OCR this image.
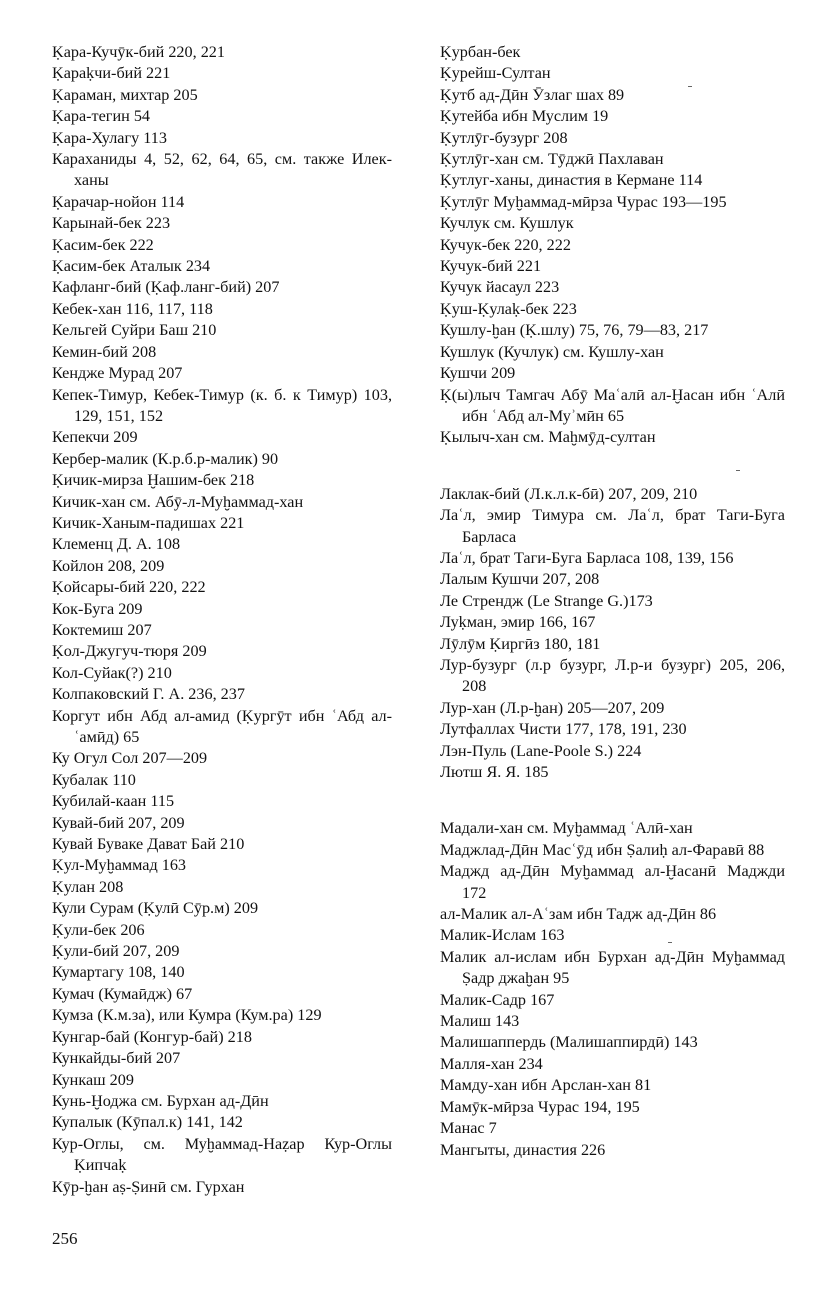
Ḳара-Кучӯк-бий 220, 221
Ḳараḳчи-бий 221
Ḳараман, михтар 205
Ḳара-тегин 54
Ḳара-Хулагу 113
Караханиды 4, 52, 62, 64, 65, см. также Илек-ханы
Ḳарачар-нойон 114
Карынай-бек 223
Ḳасим-бек 222
Ḳасим-бек Аталык 234
Кафланг-бий (Ḳаф.ланг-бий) 207
Кебек-хан 116, 117, 118
Кельгей Суйри Баш 210
Кемин-бий 208
Кендже Мурад 207
Кепек-Тимур, Кебек-Тимур (к. б. к Тимур) 103, 129, 151, 152
Кепекчи 209
Кербер-малик (К.р.б.р-малик) 90
Ḳичик-мирза Ḫашим-бек 218
Кичик-хан см. Абӯ-л-Муḫаммад-хан
Кичик-Ханым-падишах 221
Клеменц Д. А. 108
Койлон 208, 209
Ḳойсары-бий 220, 222
Кок-Буга 209
Коктемиш 207
Ḳол-Джугуч-тюря 209
Кол-Суйак(?) 210
Колпаковский Г. А. 236, 237
Коргут ибн Абд ал-амид (Ḳургӯт ибн ʿАбд ал-ʿамӣд) 65
Ку Огул Сол 207—209
Кубалак 110
Кубилай-каан 115
Кувай-бий 207, 209
Кувай Буваке Дават Бай 210
Ḳул-Муḫаммад 163
Ḳулан 208
Кули Сурам (Ḳулӣ Сӯр.м) 209
Ḳули-бек 206
Ḳули-бий 207, 209
Кумартагу 108, 140
Кумач (Кумаӣдж) 67
Кумза (К.м.за), или Кумра (Кум.ра) 129
Кунгар-бай (Конгур-бай) 218
Кункайды-бий 207
Кункаш 209
Кунь-Ḫоджа см. Бурхан ад-Дӣн
Купалык (Кӯпал.к) 141, 142
Кур-Оглы, см. Муḫаммад-Наẓар Кур-Оглы Ḳипчаḳ
Кӯр-ḫан аṣ-Ṣинӣ см. Гурхан
Ḳурбан-бек
Ḳурейш-Султан
Ḳутб ад-Дӣн Ӯзлаг шах 89
Ḳутейба ибн Муслим 19
Ḳутлӯг-бузург 208
Ḳутлӯг-хан см. Тӯджӣ Пахлаван
Ḳутлуг-ханы, династия в Кермане 114
Ḳутлӯг Муḫаммад-мӣрза Чурас 193—195
Кучлук см. Кушлук
Кучук-бек 220, 222
Кучук-бий 221
Кучук йасаул 223
Ḳуш-Ḳулаḳ-бек 223
Кушлу-ḫан (Ḳ.шлу) 75, 76, 79—83, 217
Кушлук (Кучлук) см. Кушлу-хан
Кушчи 209
Ḳ(ы)лыч Тамгач Абӯ Маʿалӣ ал-Ḫасан ибн ʿАлӣ ибн ʿАбд ал-Муʾмӣн 65
Ḳылыч-хан см. Маḫмӯд-султан
Лаклак-бий (Л.к.л.к-бӣ) 207, 209, 210
Лаʿл, эмир Тимура см. Лаʿл, брат Таги-Буга Барласа
Лаʿл, брат Таги-Буга Барласа 108, 139, 156
Лалым Кушчи 207, 208
Ле Стрендж (Le Strange G.)173
Луḳман, эмир 166, 167
Лӯлӯм Ḳиргӣз 180, 181
Лур-бузург (л.р бузург, Л.р-и бузург) 205, 206, 208
Лур-хан (Л.р-ḫан) 205—207, 209
Лутфаллах Чисти 177, 178, 191, 230
Лэн-Пуль (Lane-Poole S.) 224
Лютш Я. Я. 185
Мадали-хан см. Муḫаммад ʿАлӣ-хан
Маджлад-Дӣн Масʿӯд ибн Ṣалиḥ ал-Фаравӣ 88
Маджд ад-Дӣн Муḫаммад ал-Ḫасанӣ Маджди 172
ал-Малик ал-Аʿзам ибн Тадж ад-Дӣн 86
Малик-Ислам 163
Малик ал-ислам ибн Бурхан ад-Дӣн Муḫаммад Ṣадр джаḫан 95
Малик-Садр 167
Малиш 143
Малишаппердь (Малишаппирдӣ) 143
Малля-хан 234
Мамду-хан ибн Арслан-хан 81
Мамӯк-мӣрза Чурас 194, 195
Манас 7
Мангыты, династия 226
256
